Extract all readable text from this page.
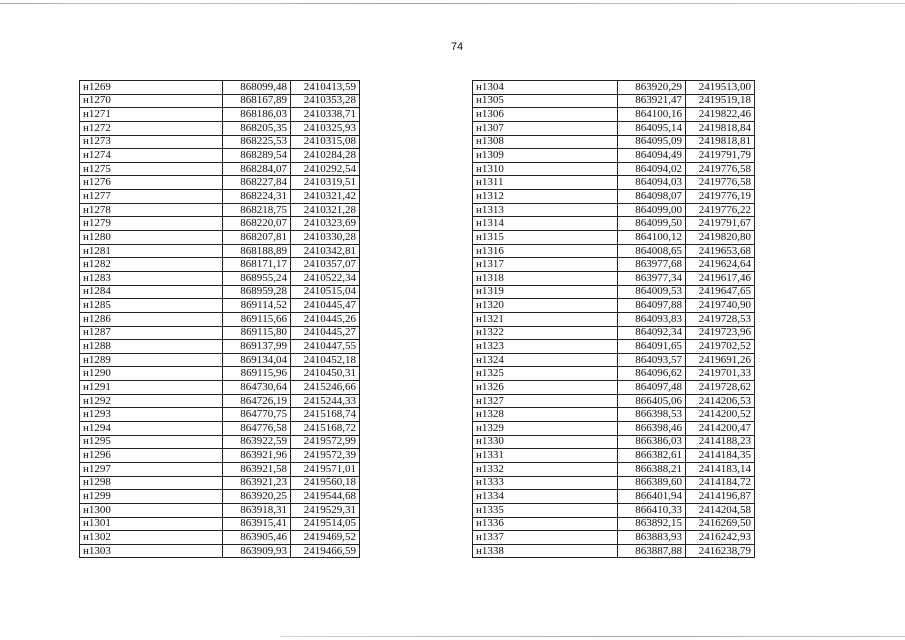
74
н1269	868099,48	2410413,59
н1270	868167,89	2410353,28
н1271	868186,03	2410338,71
н1272	868205,35	2410325,93
н1273	868225,53	2410315,08
н1274	868289,54	2410284,28
н1275	868284,07	2410292,54
н1276	868227,84	2410319,51
н1277	868224,31	2410321,42
н1278	868218,75	2410321,28
н1279	868220,07	2410323,69
н1280	868207,81	2410330,28
н1281	868188,89	2410342,81
н1282	868171,17	2410357,07
н1283	868955,24	2410522,34
н1284	868959,28	2410515,04
н1285	869114,52	2410445,47
н1286	869115,66	2410445,26
н1287	869115,80	2410445,27
н1288	869137,99	2410447,55
н1289	869134,04	2410452,18
н1290	869115,96	2410450,31
н1291	864730,64	2415246,66
н1292	864726,19	2415244,33
н1293	864770,75	2415168,74
н1294	864776,58	2415168,72
н1295	863922,59	2419572,99
н1296	863921,96	2419572,39
н1297	863921,58	2419571,01
н1298	863921,23	2419560,18
н1299	863920,25	2419544,68
н1300	863918,31	2419529,31
н1301	863915,41	2419514,05
н1302	863905,46	2419469,52
н1303	863909,93	2419466,59
н1304	863920,29	2419513,00
н1305	863921,47	2419519,18
н1306	864100,16	2419822,46
н1307	864095,14	2419818,84
н1308	864095,09	2419818,81
н1309	864094,49	2419791,79
н1310	864094,02	2419776,58
н1311	864094,03	2419776,58
н1312	864098,07	2419776,19
н1313	864099,00	2419776,22
н1314	864099,50	2419791,67
н1315	864100,12	2419820,80
н1316	864008,65	2419653,68
н1317	863977,68	2419624,64
н1318	863977,34	2419617,46
н1319	864009,53	2419647,65
н1320	864097,88	2419740,90
н1321	864093,83	2419728,53
н1322	864092,34	2419723,96
н1323	864091,65	2419702,52
н1324	864093,57	2419691,26
н1325	864096,62	2419701,33
н1326	864097,48	2419728,62
н1327	866405,06	2414206,53
н1328	866398,53	2414200,52
н1329	866398,46	2414200,47
н1330	866386,03	2414188,23
н1331	866382,61	2414184,35
н1332	866388,21	2414183,14
н1333	866389,60	2414184,72
н1334	866401,94	2414196,87
н1335	866410,33	2414204,58
н1336	863892,15	2416269,50
н1337	863883,93	2416242,93
н1338	863887,88	2416238,79
